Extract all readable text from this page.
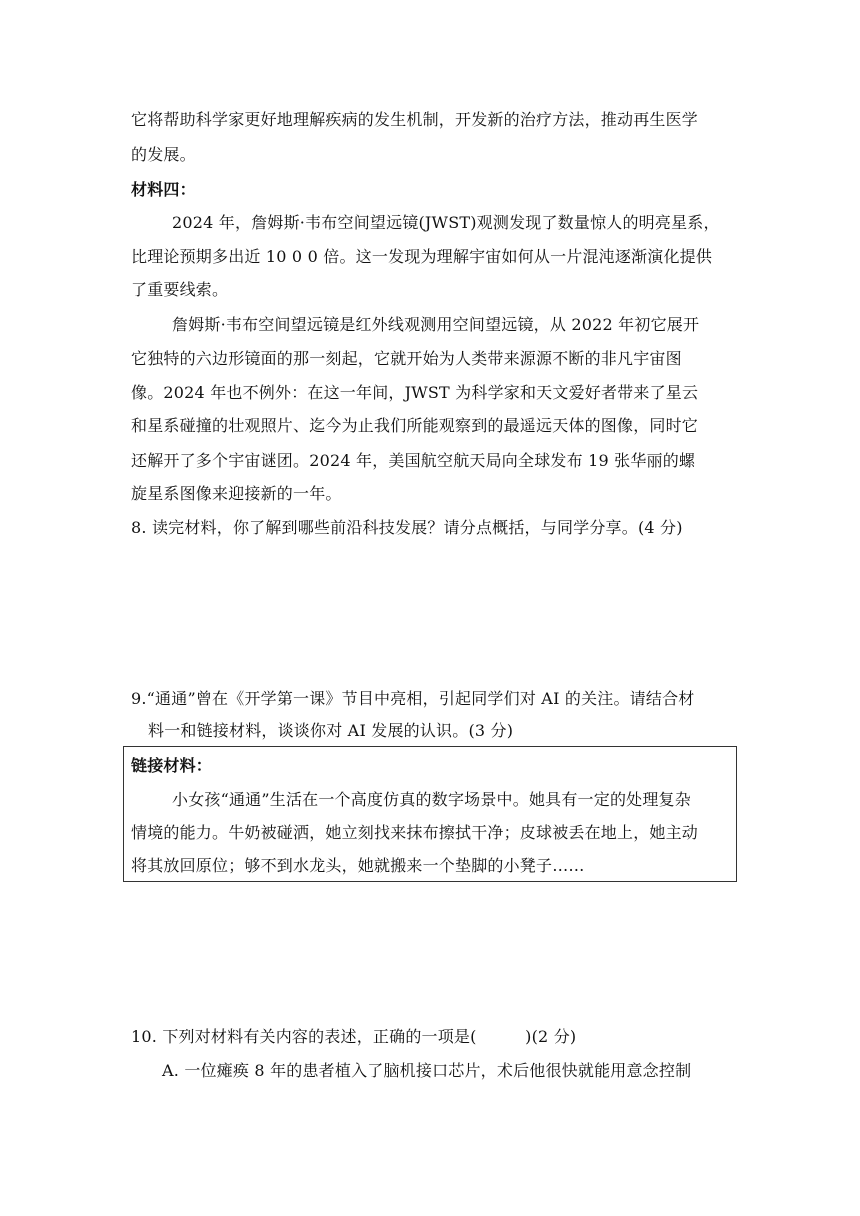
它将帮助科学家更好地理解疾病的发生机制，开发新的治疗方法，推动再生医学
的发展。
材料四：
2024 年，詹姆斯·韦布空间望远镜(JWST)观测发现了数量惊人的明亮星系，
比理论预期多出近 10 0 0 倍。这一发现为理解宇宙如何从一片混沌逐渐演化提供
了重要线索。
詹姆斯·韦布空间望远镜是红外线观测用空间望远镜，从 2022 年初它展开
它独特的六边形镜面的那一刻起，它就开始为人类带来源源不断的非凡宇宙图
像。2024 年也不例外：在这一年间，JWST 为科学家和天文爱好者带来了星云
和星系碰撞的壮观照片、迄今为止我们所能观察到的最遥远天体的图像，同时它
还解开了多个宇宙谜团。2024 年，美国航空航天局向全球发布 19 张华丽的螺
旋星系图像来迎接新的一年。
8. 读完材料，你了解到哪些前沿科技发展？请分点概括，与同学分享。(4 分)
9.“通通”曾在《开学第一课》节目中亮相，引起同学们对 AI 的关注。请结合材
料一和链接材料，谈谈你对 AI 发展的认识。(3 分)
链接材料：
小女孩“通通”生活在一个高度仿真的数字场景中。她具有一定的处理复杂
情境的能力。牛奶被碰洒，她立刻找来抹布擦拭干净；皮球被丢在地上，她主动
将其放回原位；够不到水龙头，她就搬来一个垫脚的小凳子……
10. 下列对材料有关内容的表述，正确的一项是(　　　)(2 分)
A. 一位瘫痪 8 年的患者植入了脑机接口芯片，术后他很快就能用意念控制
